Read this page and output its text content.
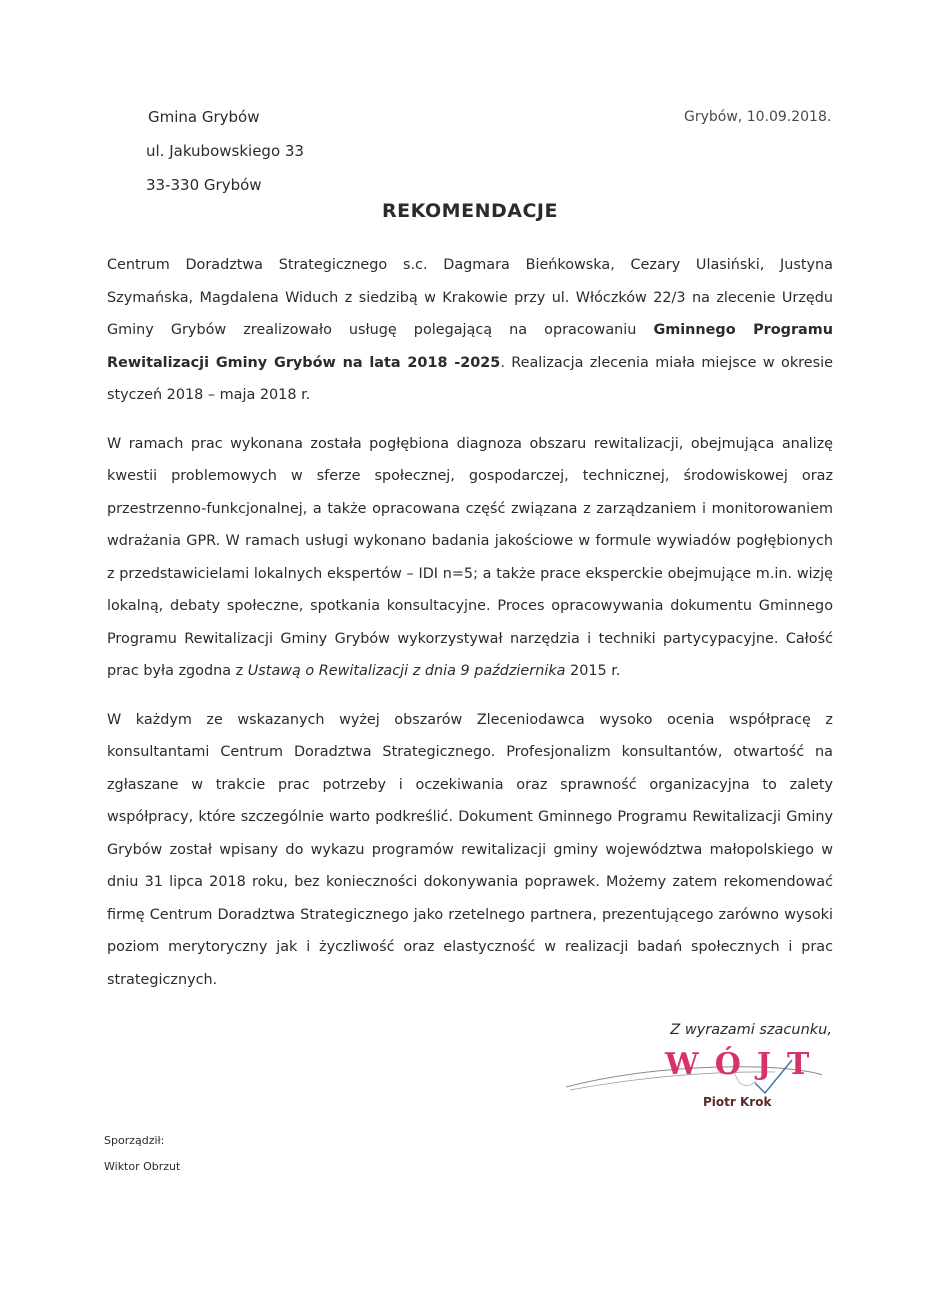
Gmina Grybów
ul. Jakubowskiego 33
33-330 Grybów
Grybów, 10.09.2018.
REKOMENDACJE

Centrum Doradztwa Strategicznego s.c. Dagmara Bieńkowska, Cezary Ulasiński, Justyna Szymańska, Magdalena Widuch z siedzibą w Krakowie przy ul. Włóczków 22/3 na zlecenie Urzędu Gminy Grybów zrealizowało usługę polegającą na opracowaniu Gminnego Programu Rewitalizacji Gminy Grybów na lata 2018 -2025. Realizacja zlecenia miała miejsce w okresie styczeń 2018 – maja 2018 r.

W ramach prac wykonana została pogłębiona diagnoza obszaru rewitalizacji, obejmująca analizę kwestii problemowych w sferze społecznej, gospodarczej, technicznej, środowiskowej oraz przestrzenno-funkcjonalnej, a także opracowana część związana z zarządzaniem i monitorowaniem wdrażania GPR. W ramach usługi wykonano badania jakościowe w formule wywiadów pogłębionych z przedstawicielami lokalnych ekspertów – IDI n=5; a także prace eksperckie obejmujące m.in. wizję lokalną, debaty społeczne, spotkania konsultacyjne. Proces opracowywania dokumentu Gminnego Programu Rewitalizacji Gminy Grybów wykorzystywał narzędzia i techniki partycypacyjne. Całość prac była zgodna z Ustawą o Rewitalizacji z dnia 9 października 2015 r.

W każdym ze wskazanych wyżej obszarów Zleceniodawca wysoko ocenia współpracę z konsultantami Centrum Doradztwa Strategicznego. Profesjonalizm konsultantów, otwartość na zgłaszane w trakcie prac potrzeby i oczekiwania oraz sprawność organizacyjna to zalety współpracy, które szczególnie warto podkreślić. Dokument Gminnego Programu Rewitalizacji Gminy Grybów został wpisany do wykazu programów rewitalizacji gminy województwa małopolskiego w dniu 31 lipca 2018 roku, bez konieczności dokonywania poprawek. Możemy zatem rekomendować firmę Centrum Doradztwa Strategicznego jako rzetelnego partnera, prezentującego zarówno wysoki poziom merytoryczny jak i życzliwość oraz elastyczność w realizacji badań społecznych i prac strategicznych.

Z wyrazami szacunku,
WÓJT
Piotr Krok
Sporządził:
Wiktor Obrzut
